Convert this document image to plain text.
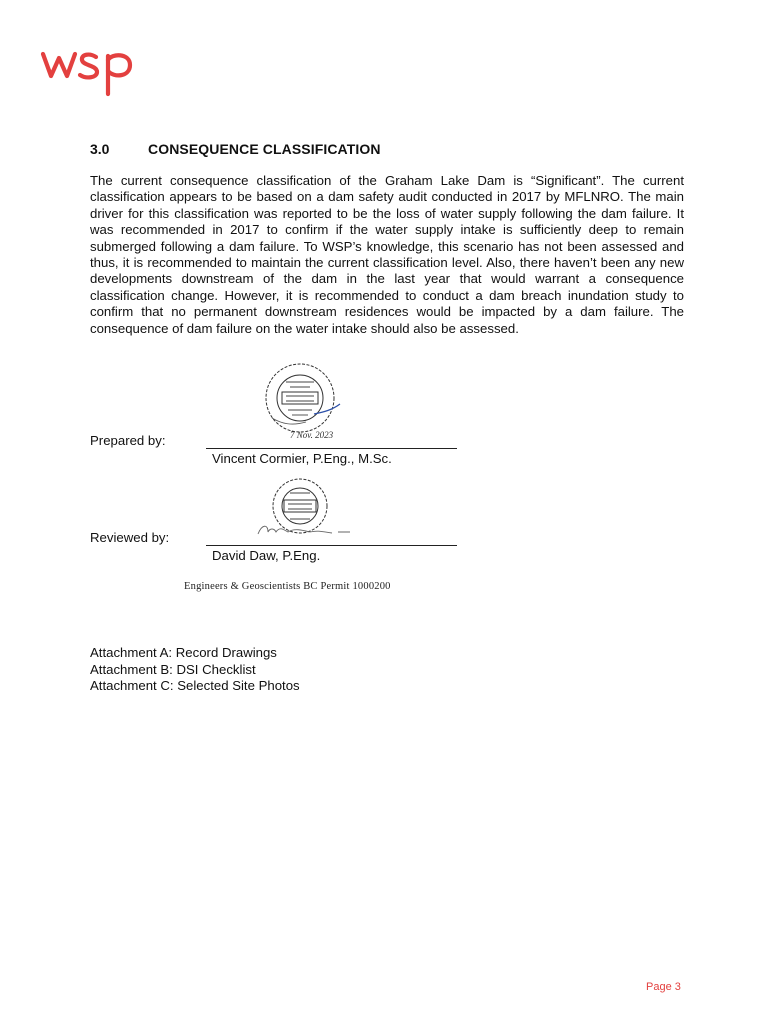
3.0	CONSEQUENCE CLASSIFICATION

The current consequence classification of the Graham Lake Dam is “Significant”. The current classification appears to be based on a dam safety audit conducted in 2017 by MFLNRO. The main driver for this classification was reported to be the loss of water supply following the dam failure. It was recommended in 2017 to confirm if the water supply intake is sufficiently deep to remain submerged following a dam failure. To WSP’s knowledge, this scenario has not been assessed and thus, it is recommended to maintain the current classification level. Also, there haven’t been any new developments downstream of the dam in the last year that would warrant a consequence classification change. However, it is recommended to conduct a dam breach inundation study to confirm that no permanent downstream residences would be impacted by a dam failure. The consequence of dam failure on the water intake should also be assessed.

7 Nov. 2023
Prepared by:
Vincent Cormier, P.Eng., M.Sc.
Reviewed by:
David Daw, P.Eng.
Engineers & Geoscientists BC Permit 1000200
Attachment A: Record Drawings
Attachment B: DSI Checklist
Attachment C: Selected Site Photos
Page 3
